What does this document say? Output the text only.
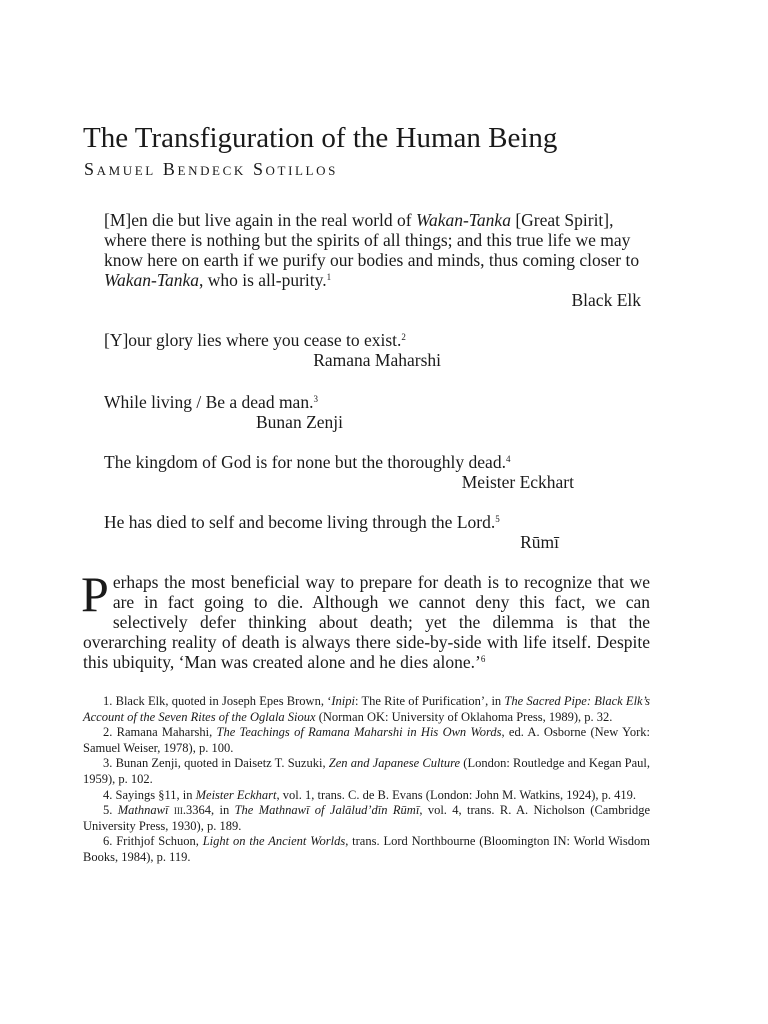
The Transfiguration of the Human Being

Samuel Bendeck Sotillos

[M]en die but live again in the real world of Wakan-Tanka [Great Spirit], where there is nothing but the spirits of all things; and this true life we may know here on earth if we purify our bodies and minds, thus coming closer to Wakan-Tanka, who is all-purity.$^1$
Black Elk
[Y]our glory lies where you cease to exist.$^2$
Ramana Maharshi
While living / Be a dead man.$^3$
Bunan Zenji
The kingdom of God is for none but the thoroughly dead.$^4$
Meister Eckhart
He has died to self and become living through the Lord.$^5$
Rūmī

Perhaps the most beneficial way to prepare for death is to recognize that we are in fact going to die. Although we cannot deny this fact, we can selectively defer thinking about death; yet the dilemma is that the overarching reality of death is always there side-by-side with life itself. Despite this ubiquity, ‘Man was created alone and he dies alone.’$^6$

1. Black Elk, quoted in Joseph Epes Brown, ‘Inipi: The Rite of Purification’, in The Sacred Pipe: Black Elk’s Account of the Seven Rites of the Oglala Sioux (Norman OK: University of Oklahoma Press, 1989), p. 32.

2. Ramana Maharshi, The Teachings of Ramana Maharshi in His Own Words, ed. A. Osborne (New York: Samuel Weiser, 1978), p. 100.

3. Bunan Zenji, quoted in Daisetz T. Suzuki, Zen and Japanese Culture (London: Routledge and Kegan Paul, 1959), p. 102.

4. Sayings §11, in Meister Eckhart, vol. 1, trans. C. de B. Evans (London: John M. Watkins, 1924), p. 419.

5. Mathnawī iii.3364, in The Mathnawī of Jalālud’dīn Rūmī, vol. 4, trans. R. A. Nicholson (Cambridge University Press, 1930), p. 189.

6. Frithjof Schuon, Light on the Ancient Worlds, trans. Lord Northbourne (Bloomington IN: World Wisdom Books, 1984), p. 119.
